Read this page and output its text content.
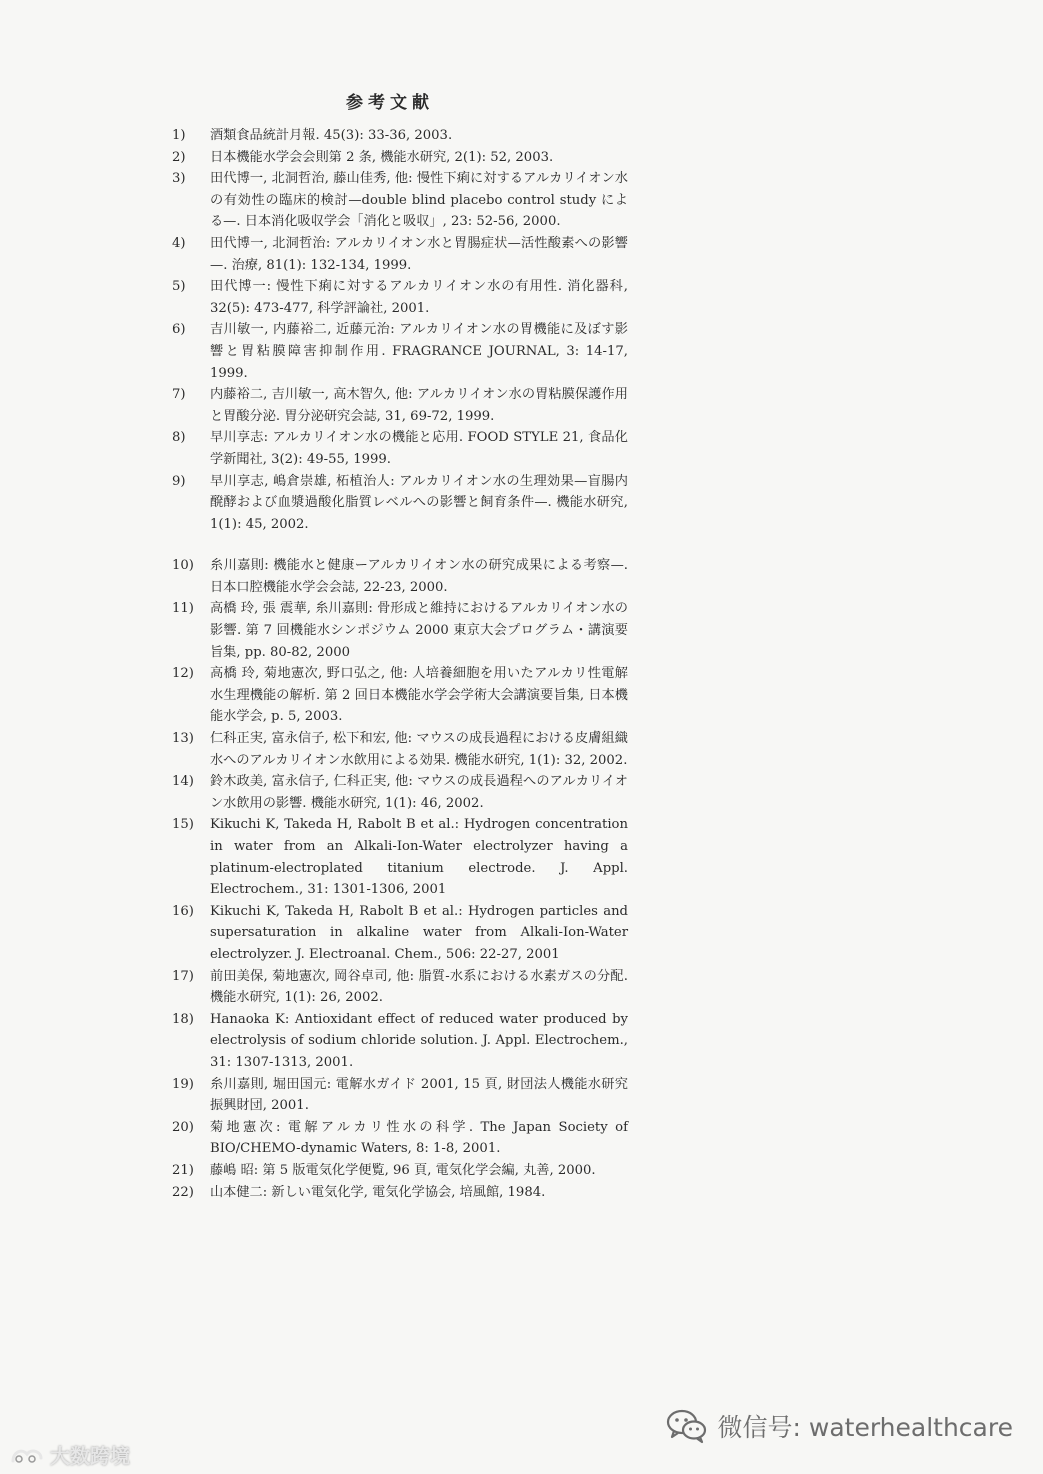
参考文献
1)	酒類食品統計月報. 45(3): 33-36, 2003.
2)	日本機能水学会会則第 2 条, 機能水研究, 2(1): 52, 2003.
3)	田代博一, 北洞哲治, 藤山佳秀, 他: 慢性下痢に対するアルカリイオン水の有効性の臨床的検討—double blind placebo control study による—. 日本消化吸収学会「消化と吸収」, 23: 52-56, 2000.
4)	田代博一, 北洞哲治: アルカリイオン水と胃腸症状—活性酸素への影響—. 治療, 81(1): 132-134, 1999.
5)	田代博一: 慢性下痢に対するアルカリイオン水の有用性. 消化器科, 32(5): 473-477, 科学評論社, 2001.
6)	吉川敏一, 内藤裕二, 近藤元治: アルカリイオン水の胃機能に及ぼす影響と胃粘膜障害抑制作用. FRAGRANCE JOURNAL, 3: 14-17, 1999.
7)	内藤裕二, 吉川敏一, 高木智久, 他: アルカリイオン水の胃粘膜保護作用と胃酸分泌. 胃分泌研究会誌, 31, 69-72, 1999.
8)	早川享志: アルカリイオン水の機能と応用. FOOD STYLE 21, 食品化学新聞社, 3(2): 49-55, 1999.
9)	早川享志, 嶋倉崇雄, 柘植治人: アルカリイオン水の生理効果—盲腸内醗酵および血漿過酸化脂質レベルへの影響と飼育条件—. 機能水研究, 1(1): 45, 2002.
10)	糸川嘉則: 機能水と健康ーアルカリイオン水の研究成果による考察—. 日本口腔機能水学会会誌, 22-23, 2000.
11)	高橋 玲, 張 震華, 糸川嘉則: 骨形成と維持におけるアルカリイオン水の影響. 第 7 回機能水シンポジウム 2000 東京大会プログラム・講演要旨集, pp. 80-82, 2000
12)	高橋 玲, 菊地憲次, 野口弘之, 他: 人培養細胞を用いたアルカリ性電解水生理機能の解析. 第 2 回日本機能水学会学術大会講演要旨集, 日本機能水学会, p. 5, 2003.
13)	仁科正実, 富永信子, 松下和宏, 他: マウスの成長過程における皮膚組織水へのアルカリイオン水飲用による効果. 機能水研究, 1(1): 32, 2002.
14)	鈴木政美, 富永信子, 仁科正実, 他: マウスの成長過程へのアルカリイオン水飲用の影響. 機能水研究, 1(1): 46, 2002.
15)	Kikuchi K, Takeda H, Rabolt B et al.: Hydrogen concentration in water from an Alkali-Ion-Water electrolyzer having a platinum-electroplated titanium electrode. J. Appl. Electrochem., 31: 1301-1306, 2001
16)	Kikuchi K, Takeda H, Rabolt B et al.: Hydrogen particles and supersaturation in alkaline water from Alkali-Ion-Water electrolyzer. J. Electroanal. Chem., 506: 22-27, 2001
17)	前田美保, 菊地憲次, 岡谷卓司, 他: 脂質-水系における水素ガスの分配. 機能水研究, 1(1): 26, 2002.
18)	Hanaoka K: Antioxidant effect of reduced water produced by electrolysis of sodium chloride solution. J. Appl. Electrochem., 31: 1307-1313, 2001.
19)	糸川嘉則, 堀田国元: 電解水ガイド 2001, 15 頁, 財団法人機能水研究振興財団, 2001.
20)	菊地憲次: 電解アルカリ性水の科学. The Japan Society of BIO/CHEMO-dynamic Waters, 8: 1-8, 2001.
21)	藤嶋 昭: 第 5 版電気化学便覧, 96 頁, 電気化学会編, 丸善, 2000.
22)	山本健二: 新しい電気化学, 電気化学協会, 培風館, 1984.
微信号: waterhealthcare
大数跨境
